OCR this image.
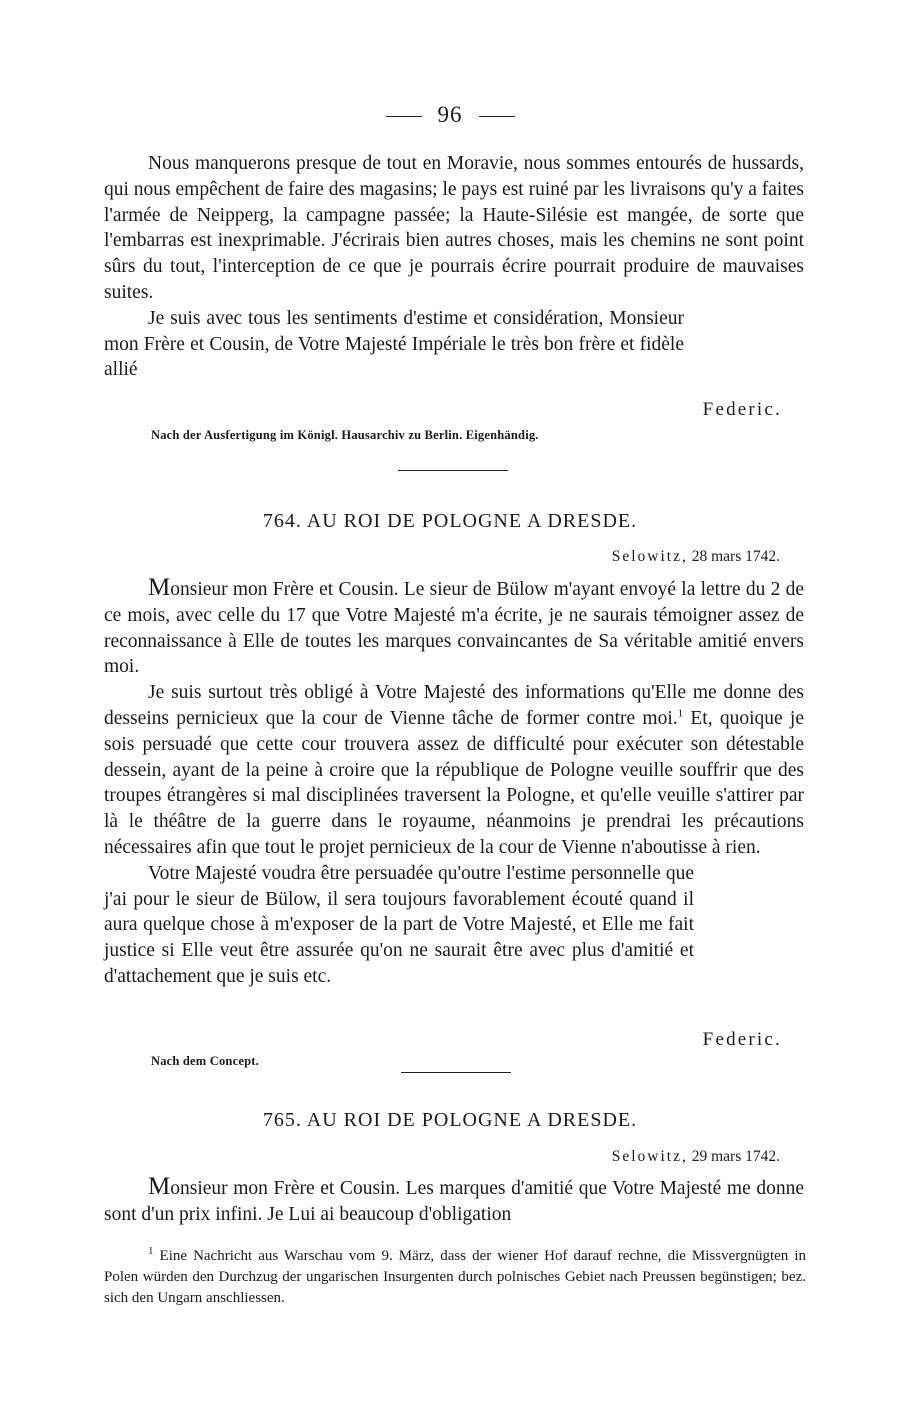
96

Nous manquerons presque de tout en Moravie, nous sommes entourés de hussards, qui nous empêchent de faire des magasins; le pays est ruiné par les livraisons qu'y a faites l'armée de Neipperg, la campagne passée; la Haute-Silésie est mangée, de sorte que l'embarras est inexprimable. J'écrirais bien autres choses, mais les chemins ne sont point sûrs du tout, l'interception de ce que je pourrais écrire pourrait produire de mauvaises suites.

Je suis avec tous les sentiments d'estime et considération, Monsieur mon Frère et Cousin, de Votre Majesté Impériale le très bon frère et fidèle allié

Federic.
Nach der Ausfertigung im Königl. Hausarchiv zu Berlin. Eigenhändig.
764. AU ROI DE POLOGNE A DRESDE.
Selowitz, 28 mars 1742.

Monsieur mon Frère et Cousin. Le sieur de Bülow m'ayant envoyé la lettre du 2 de ce mois, avec celle du 17 que Votre Majesté m'a écrite, je ne saurais témoigner assez de reconnaissance à Elle de toutes les marques convaincantes de Sa véritable amitié envers moi.

Je suis surtout très obligé à Votre Majesté des informations qu'Elle me donne des desseins pernicieux que la cour de Vienne tâche de former contre moi.$^1$ Et, quoique je sois persuadé que cette cour trouvera assez de difficulté pour exécuter son détestable dessein, ayant de la peine à croire que la république de Pologne veuille souffrir que des troupes étrangères si mal disciplinées traversent la Pologne, et qu'elle veuille s'attirer par là le théâtre de la guerre dans le royaume, néanmoins je prendrai les précautions nécessaires afin que tout le projet pernicieux de la cour de Vienne n'aboutisse à rien.

Votre Majesté voudra être persuadée qu'outre l'estime personnelle que j'ai pour le sieur de Bülow, il sera toujours favorablement écouté quand il aura quelque chose à m'exposer de la part de Votre Majesté, et Elle me fait justice si Elle veut être assurée qu'on ne saurait être avec plus d'amitié et d'attachement que je suis etc.

Federic.
Nach dem Concept.
765. AU ROI DE POLOGNE A DRESDE.
Selowitz, 29 mars 1742.

Monsieur mon Frère et Cousin. Les marques d'amitié que Votre Majesté me donne sont d'un prix infini. Je Lui ai beaucoup d'obligation

$^1$ Eine Nachricht aus Warschau vom 9. März, dass der wiener Hof darauf rechne, die Missvergnügten in Polen würden den Durchzug der ungarischen Insurgenten durch polnisches Gebiet nach Preussen begünstigen; bez. sich den Ungarn anschliessen.
